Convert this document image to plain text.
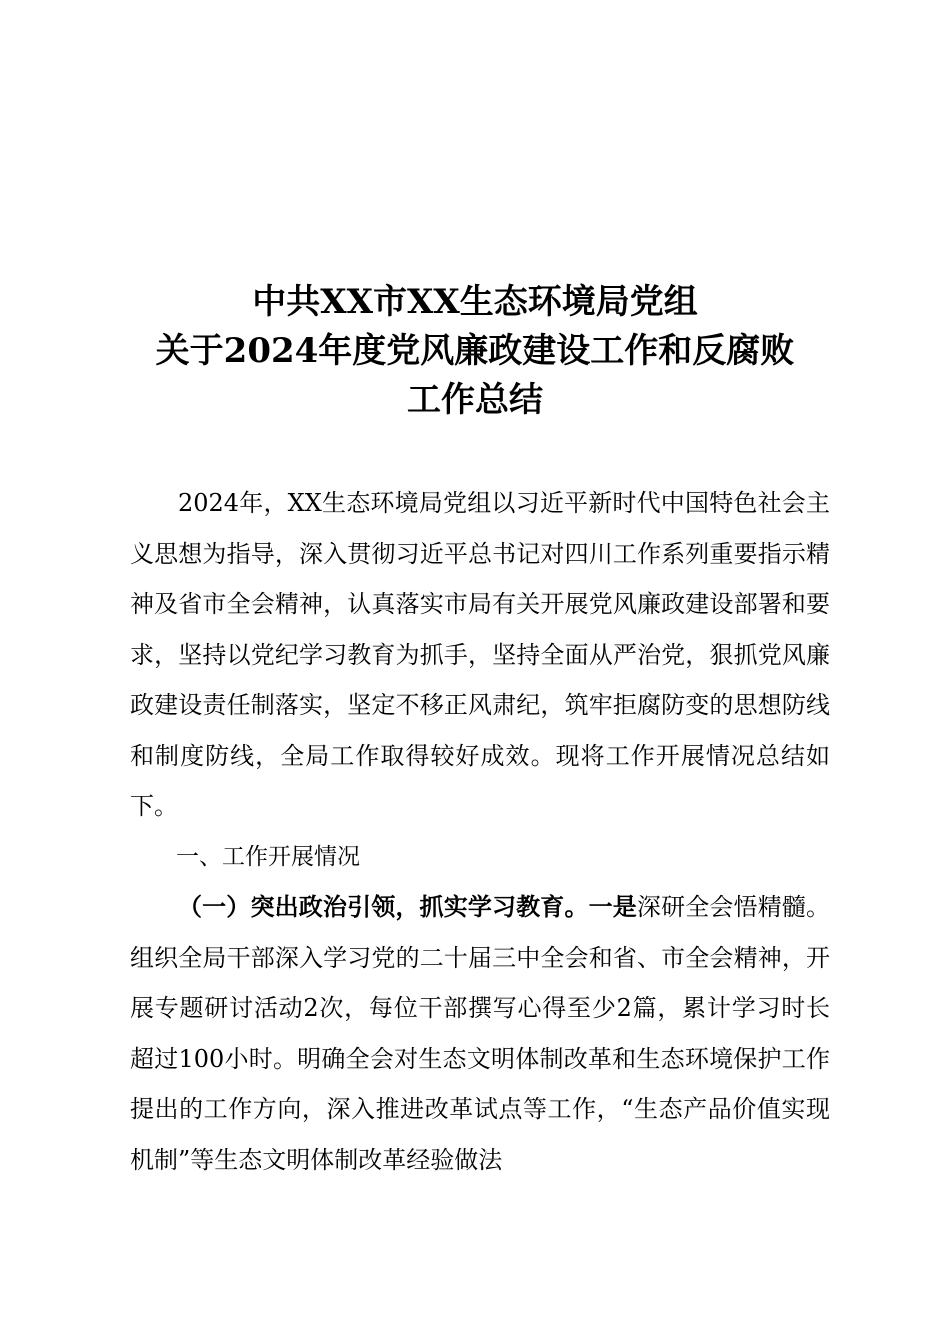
中共XX市XX生态环境局党组
关于2024年度党风廉政建设工作和反腐败
工作总结

2024年，XX生态环境局党组以习近平新时代中国特色社会主义思想为指导，深入贯彻习近平总书记对四川工作系列重要指示精神及省市全会精神，认真落实市局有关开展党风廉政建设部署和要求，坚持以党纪学习教育为抓手，坚持全面从严治党，狠抓党风廉政建设责任制落实，坚定不移正风肃纪，筑牢拒腐防变的思想防线和制度防线，全局工作取得较好成效。现将工作开展情况总结如下。

一、工作开展情况

（一）突出政治引领，抓实学习教育。一是深研全会悟精髓。组织全局干部深入学习党的二十届三中全会和省、市全会精神，开展专题研讨活动2次，每位干部撰写心得至少2篇，累计学习时长超过100小时。明确全会对生态文明体制改革和生态环境保护工作提出的工作方向，深入推进改革试点等工作，“生态产品价值实现机制”等生态文明体制改革经验做法
